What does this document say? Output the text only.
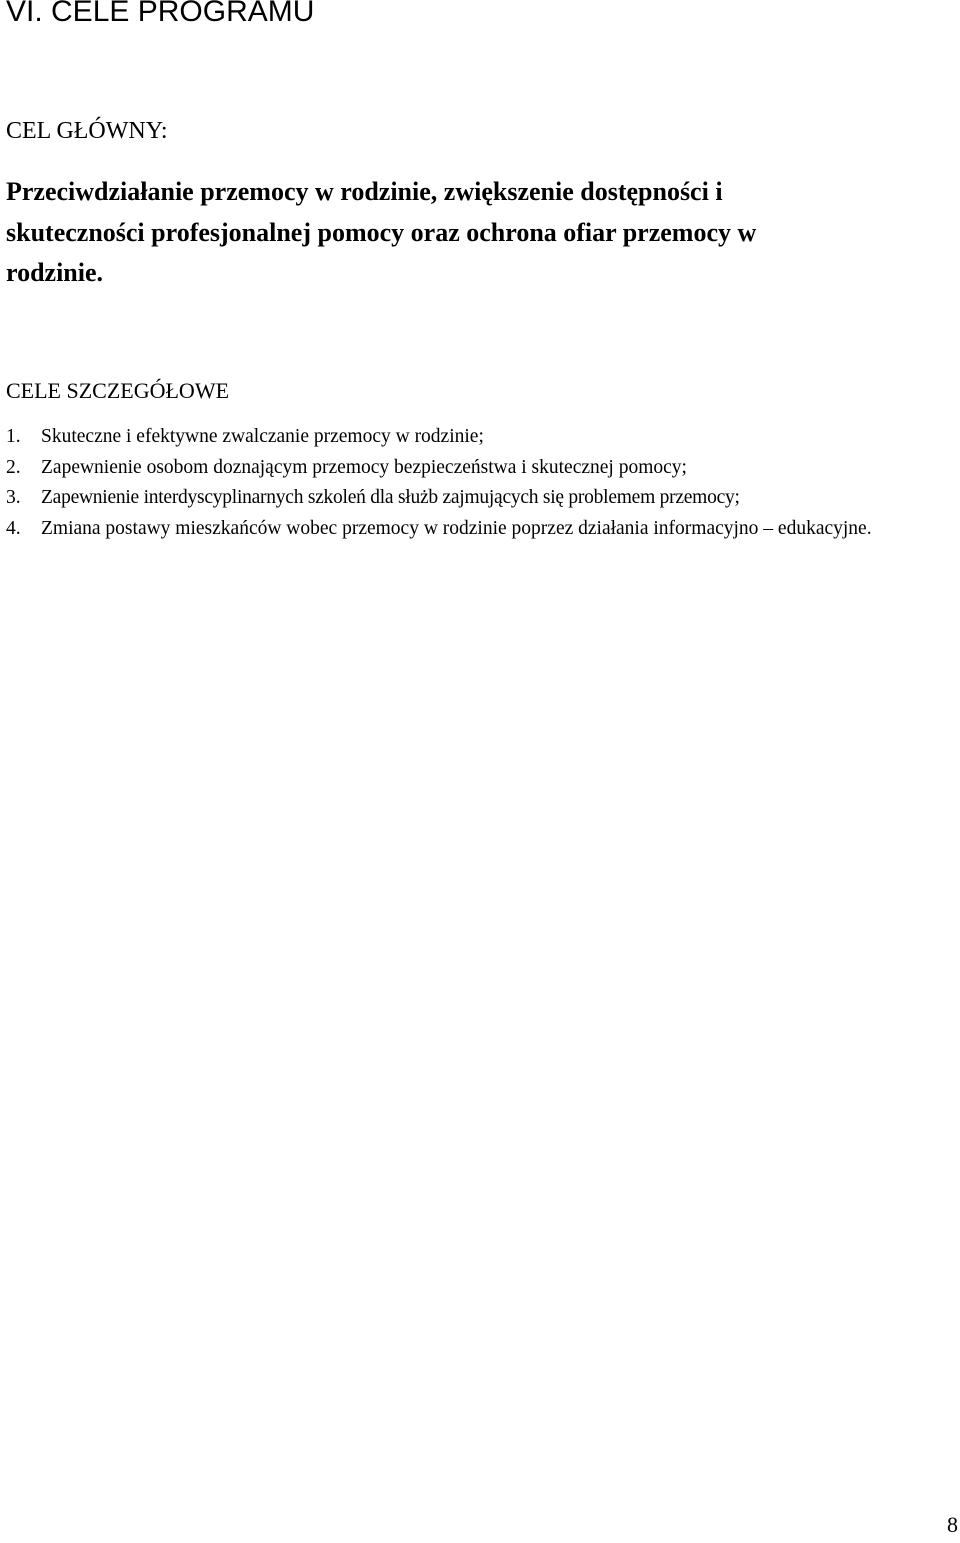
VI. CELE PROGRAMU
CEL GŁÓWNY:

Przeciwdziałanie przemocy w rodzinie, zwiększenie dostępności i
skuteczności profesjonalnej pomocy oraz ochrona ofiar przemocy w
rodzinie.

CELE SZCZEGÓŁOWE
1. Skuteczne i efektywne zwalczanie przemocy w rodzinie;
2. Zapewnienie osobom doznającym przemocy bezpieczeństwa i skutecznej pomocy;
3. Zapewnienie interdyscyplinarnych szkoleń dla służb zajmujących się problemem przemocy;
4. Zmiana postawy mieszkańców wobec przemocy w rodzinie poprzez działania informacyjno – edukacyjne.

8
